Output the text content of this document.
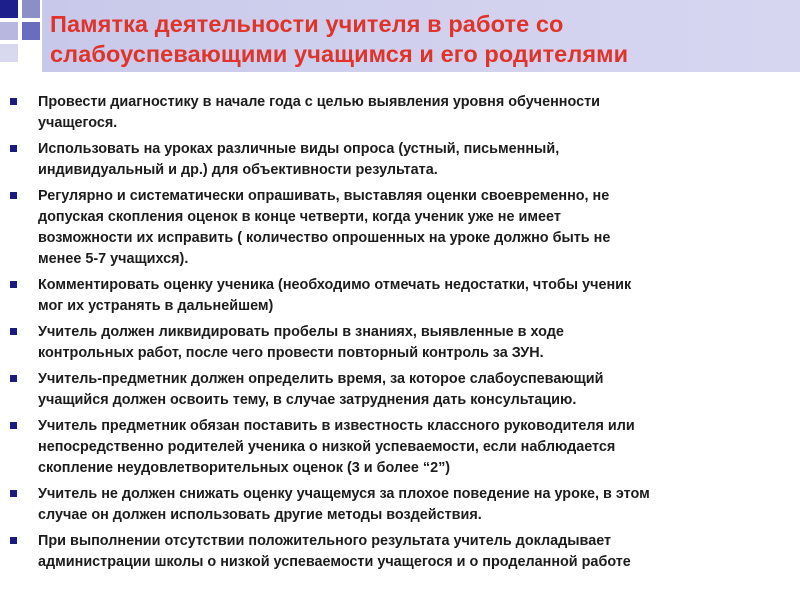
Памятка деятельности учителя в работе со
слабоуспевающими учащимся и его родителями
Провести диагностику в начале года с целью выявления уровня обученности
учащегося.
Использовать на уроках различные виды опроса (устный, письменный,
индивидуальный и др.) для объективности результата.
Регулярно и систематически опрашивать, выставляя оценки своевременно, не
допуская скопления оценок в конце четверти, когда ученик уже не имеет
возможности их исправить ( количество опрошенных на уроке должно быть не
менее 5-7 учащихся).
Комментировать оценку ученика (необходимо отмечать недостатки, чтобы ученик
мог их устранять в дальнейшем)
Учитель должен ликвидировать пробелы в знаниях, выявленные в ходе
контрольных работ, после чего провести повторный контроль за ЗУН.
Учитель-предметник должен определить время, за которое слабоуспевающий
учащийся должен освоить тему, в случае затруднения дать консультацию.
Учитель предметник обязан поставить в известность классного руководителя или
непосредственно родителей ученика о низкой успеваемости, если наблюдается
скопление неудовлетворительных оценок (3 и более “2”)
Учитель не должен снижать оценку учащемуся за плохое поведение на уроке, в этом
случае он должен использовать другие методы воздействия.
При выполнении отсутствии положительного результата учитель докладывает
администрации школы о низкой успеваемости учащегося и о проделанной работе
